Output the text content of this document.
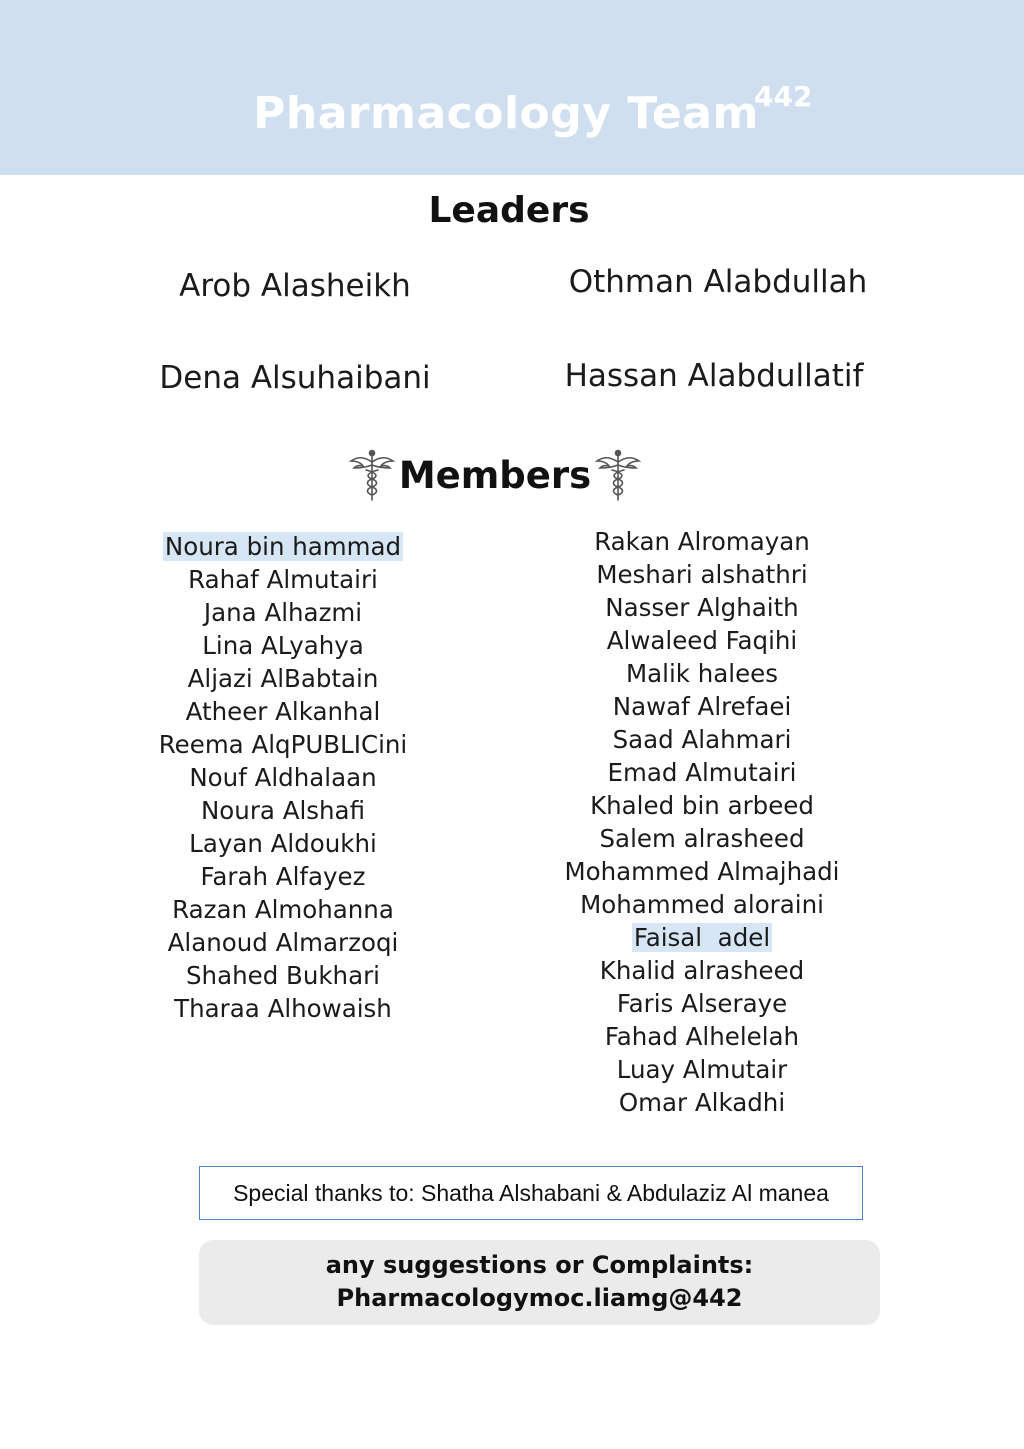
Pharmacology Team
442
Leaders
Arob Alasheikh	Othman Alabdullah
Dena Alsuhaibani	Hassan Alabdullatif
Members
Noura bin hammad
Rahaf Almutairi
Jana Alhazmi
Lina ALyahya
Aljazi AlBabtain
Atheer Alkanhal
Reema AlqPUBLICini
Nouf Aldhalaan
Noura Alshafi
Layan Aldoukhi
Farah Alfayez
Razan Almohanna
Alanoud Almarzoqi
Shahed Bukhari
Tharaa Alhowaish
Rakan Alromayan
Meshari alshathri
Nasser Alghaith
Alwaleed Faqihi
Malik halees
Nawaf Alrefaei
Saad Alahmari
Emad Almutairi
Khaled bin arbeed
Salem alrasheed
Mohammed Almajhadi
Mohammed aloraini
Faisal  adel
Khalid alrasheed
Faris Alseraye
Fahad Alhelelah
Luay Almutair
Omar Alkadhi
Special thanks to: Shatha Alshabani & Abdulaziz Al manea
any suggestions or Complaints:
Pharmacologymoc.liamg@442
